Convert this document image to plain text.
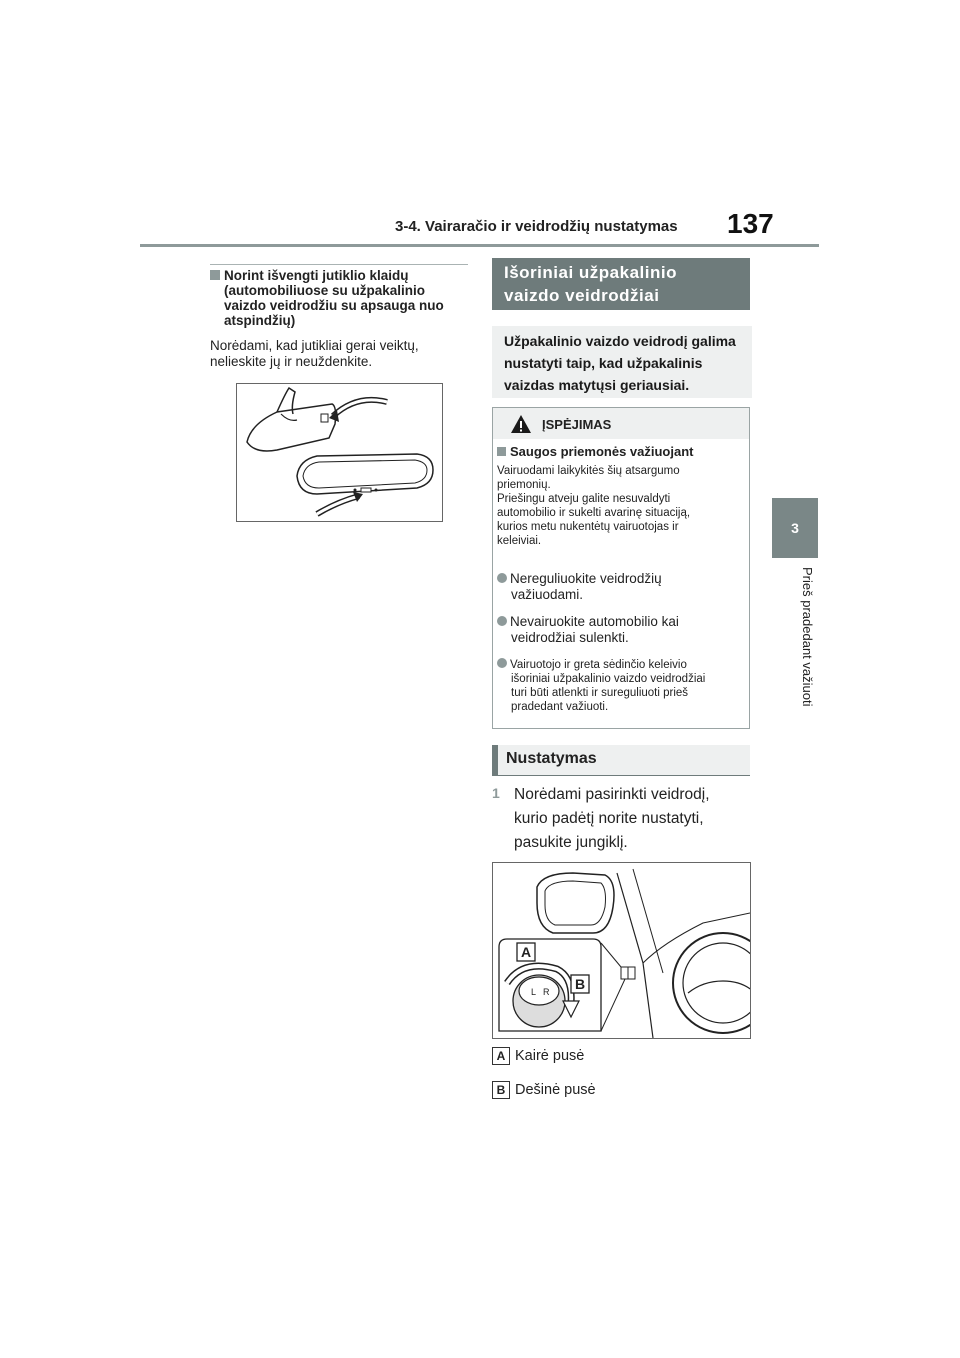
3-4. Vairaračio ir veidrodžių nustatymas 137
3
Prieš pradedant važiuoti
Norint išvengti jutiklio klaidų
(automobiliuose su užpakalinio
vaizdo veidrodžiu su apsauga nuo
atspindžių)
Norėdami, kad jutikliai gerai veiktų,
nelieskite jų ir neuždenkite.
Išoriniai užpakalinio
vaizdo veidrodžiai
Užpakalinio vaizdo veidrodį galima
nustatyti taip, kad užpakalinis
vaizdas matytųsi geriausiai.
ĮSPĖJIMAS
Saugos priemonės važiuojant
Vairuodami laikykitės šių atsargumo
priemonių.
Priešingu atveju galite nesuvaldyti
automobilio ir sukelti avarinę situaciją,
kurios metu nukentėtų vairuotojas ir
keleiviai.
Nereguliuokite veidrodžių
važiuodami.
Nevairuokite automobilio kai
veidrodžiai sulenkti.
Vairuotojo ir greta sėdinčio keleivio
išoriniai užpakalinio vaizdo veidrodžiai
turi būti atlenkti ir sureguliuoti prieš
pradedant važiuoti.
Nustatymas
1 Norėdami pasirinkti veidrodį,
kurio padėtį norite nustatyti,
pasukite jungiklį.
L R
A
B
A Kairė pusė
B Dešinė pusė
